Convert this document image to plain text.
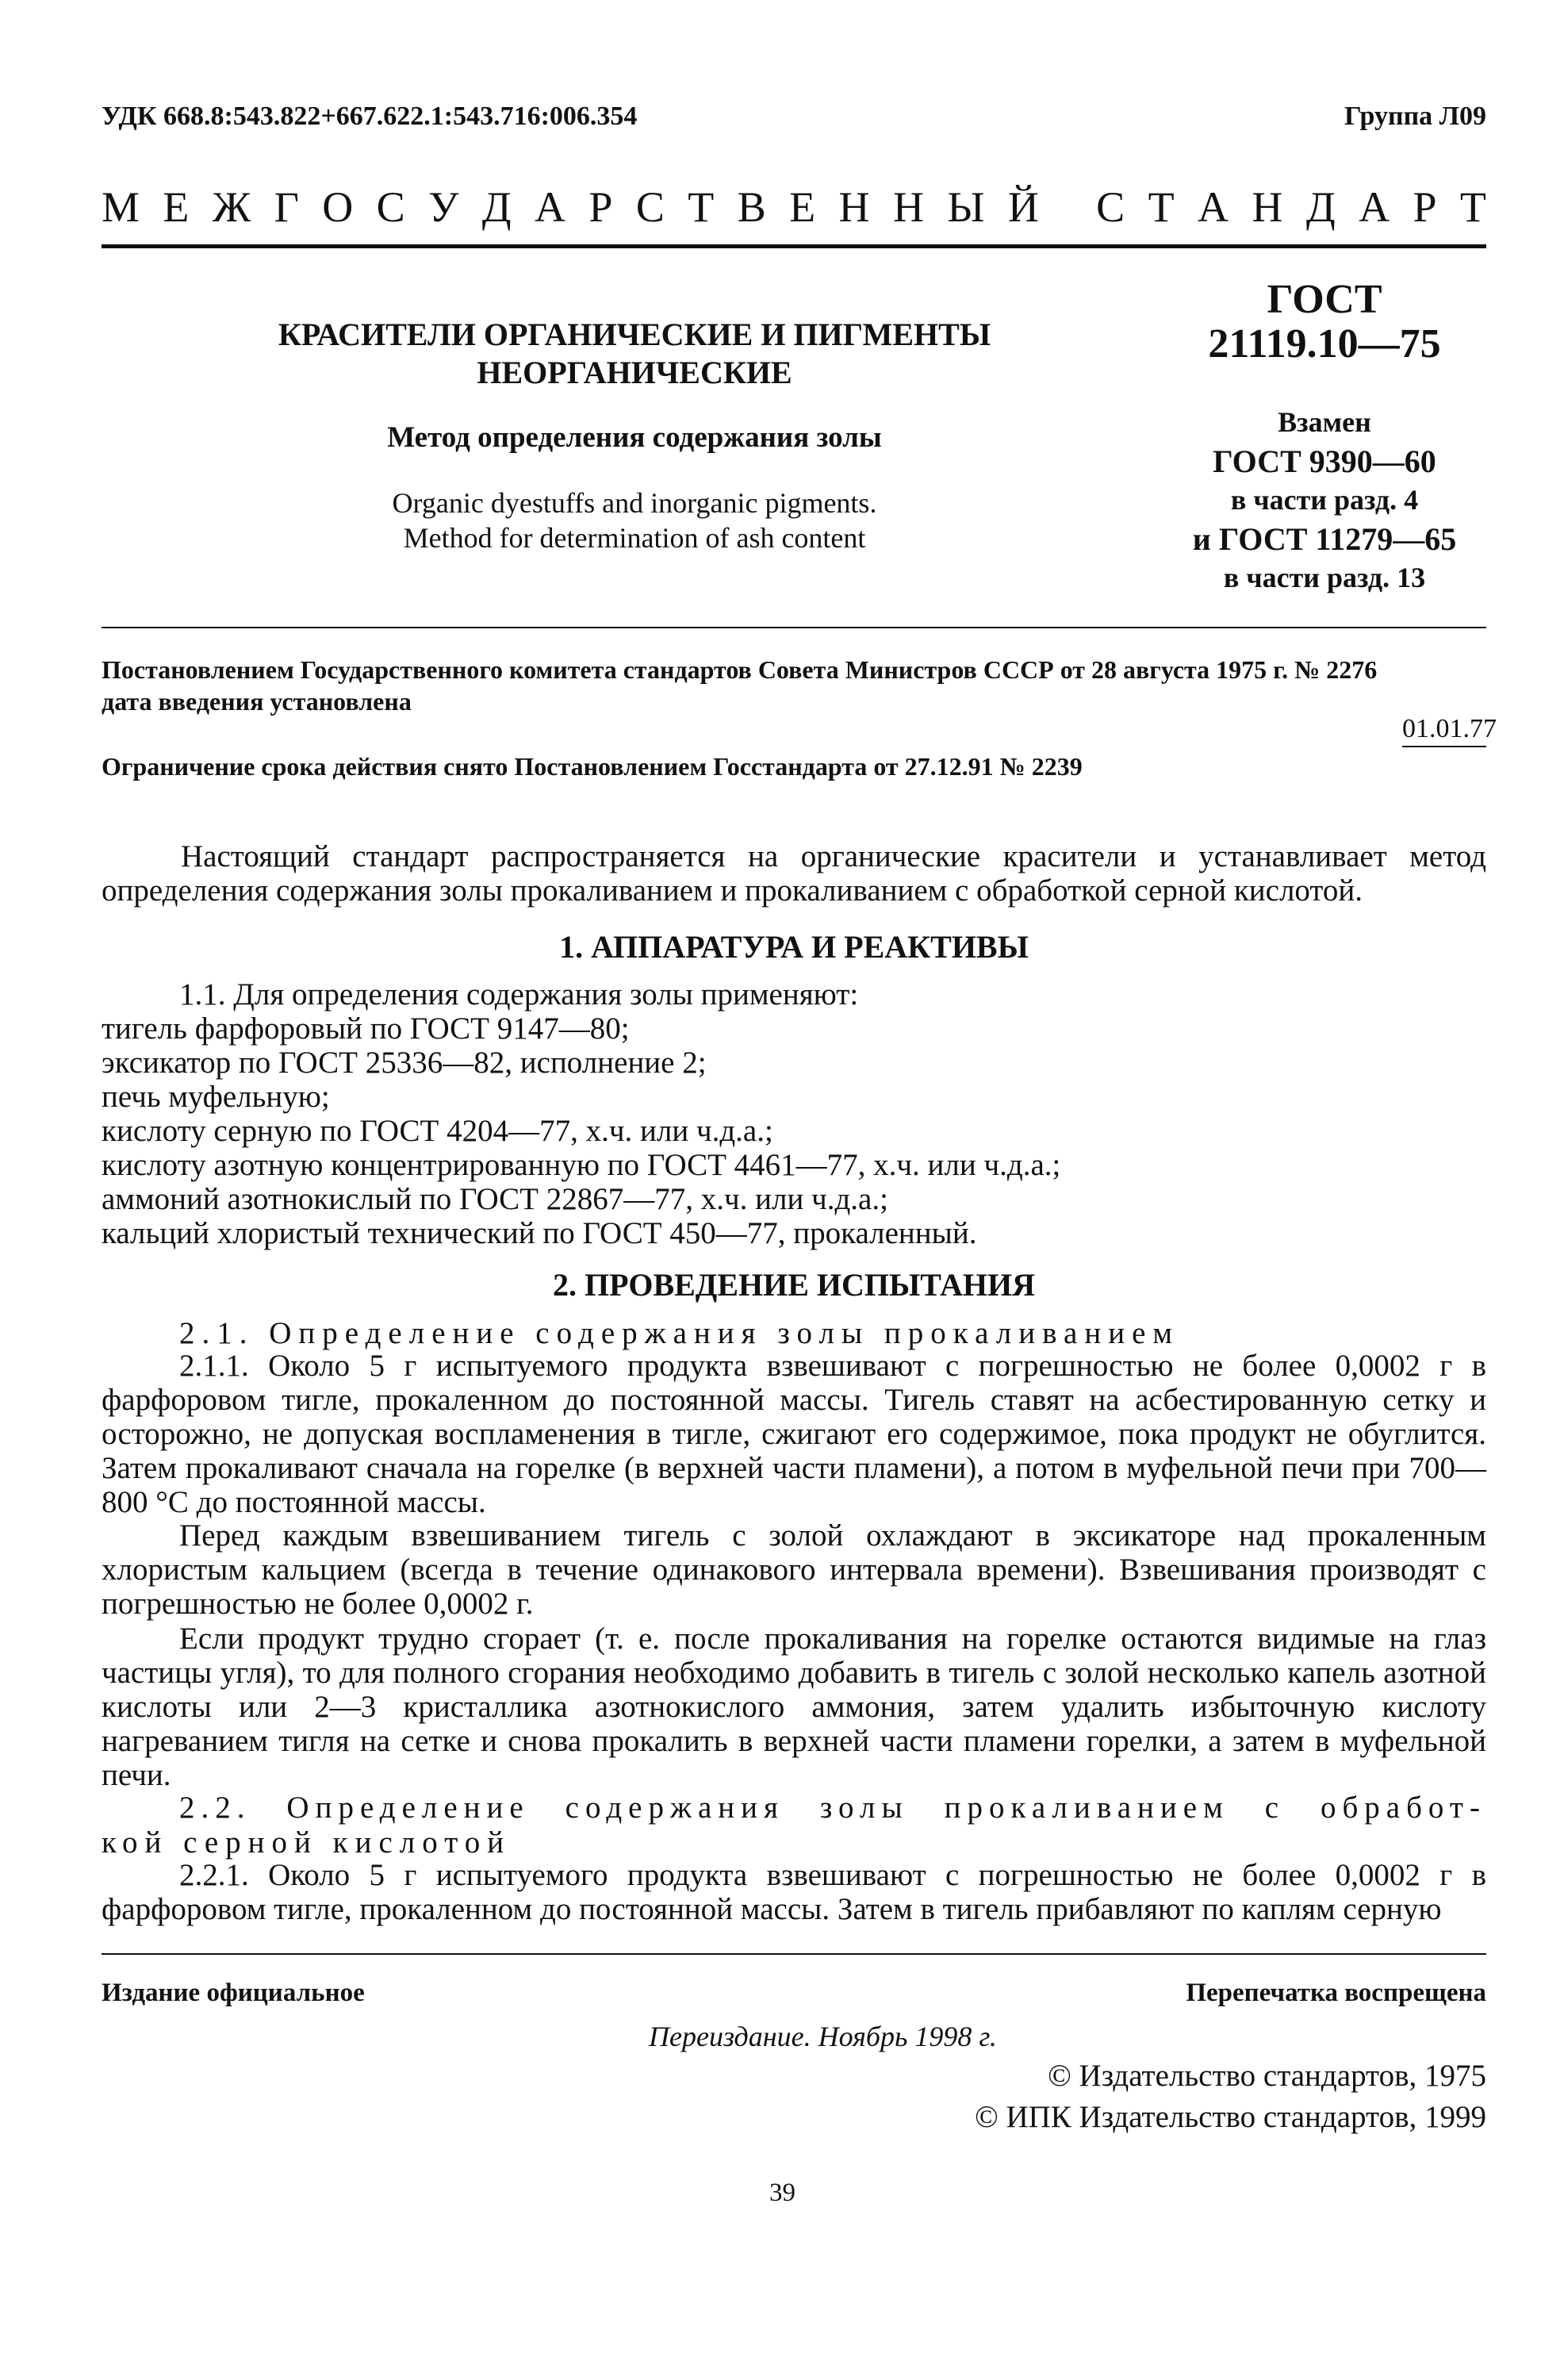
УДК 668.8:543.822+667.622.1:543.716:006.354	Группа Л09
М Е Ж Г О С У Д А Р С Т В Е Н Н Ы Й
С Т А Н Д А Р Т
КРАСИТЕЛИ ОРГАНИЧЕСКИЕ И ПИГМЕНТЫ
НЕОРГАНИЧЕСКИЕ
Метод определения содержания золы
Organic dyestuffs and inorganic pigments.
Method for determination of ash content
ГОСТ
21119.10—75
Взамен
ГОСТ 9390—60
в части разд. 4
и ГОСТ 11279—65
в части разд. 13
Постановлением Государственного комитета стандартов Совета Министров СССР от 28 августа 1975 г. № 2276
дата введения установлена
01.01.77
Ограничение срока действия снято Постановлением Госстандарта от 27.12.91 № 2239
Настоящий стандарт распространяется на органические красители и устанавливает метод определения содержания золы прокаливанием и прокаливанием с обработкой серной кислотой.
1. АППАРАТУРА И РЕАКТИВЫ
1.1. Для определения содержания золы применяют:
тигель фарфоровый по ГОСТ 9147—80;
эксикатор по ГОСТ 25336—82, исполнение 2;
печь муфельную;
кислоту серную по ГОСТ 4204—77, х.ч. или ч.д.а.;
кислоту азотную концентрированную по ГОСТ 4461—77, х.ч. или ч.д.а.;
аммоний азотнокислый по ГОСТ 22867—77, х.ч. или ч.д.а.;
кальций хлористый технический по ГОСТ 450—77, прокаленный.
2. ПРОВЕДЕНИЕ ИСПЫТАНИЯ
2.1. Определение содержания золы прокаливанием
2.1.1. Около 5 г испытуемого продукта взвешивают с погрешностью не более 0,0002 г в фарфоровом тигле, прокаленном до постоянной массы. Тигель ставят на асбестированную сетку и осторожно, не допуская воспламенения в тигле, сжигают его содержимое, пока продукт не обуглится. Затем прокаливают сначала на горелке (в верхней части пламени), а потом в муфельной печи при 700—800 °С до постоянной массы.
Перед каждым взвешиванием тигель с золой охлаждают в эксикаторе над прокаленным хлористым кальцием (всегда в течение одинакового интервала времени). Взвешивания производят с погрешностью не более 0,0002 г.
Если продукт трудно сгорает (т. е. после прокаливания на горелке остаются видимые на глаз частицы угля), то для полного сгорания необходимо добавить в тигель с золой несколько капель азотной кислоты или 2—3 кристаллика азотнокислого аммония, затем удалить избыточную кислоту нагреванием тигля на сетке и снова прокалить в верхней части пламени горелки, а затем в муфельной печи.
2.2. Определение содержания золы прокаливанием с обработ-
кой серной кислотой
2.2.1. Около 5 г испытуемого продукта взвешивают с погрешностью не более 0,0002 г в фарфоровом тигле, прокаленном до постоянной массы. Затем в тигель прибавляют по каплям серную
Издание официальное	Перепечатка воспрещена
Переиздание. Ноябрь 1998 г.
© Издательство стандартов, 1975
© ИПК Издательство стандартов, 1999
39
